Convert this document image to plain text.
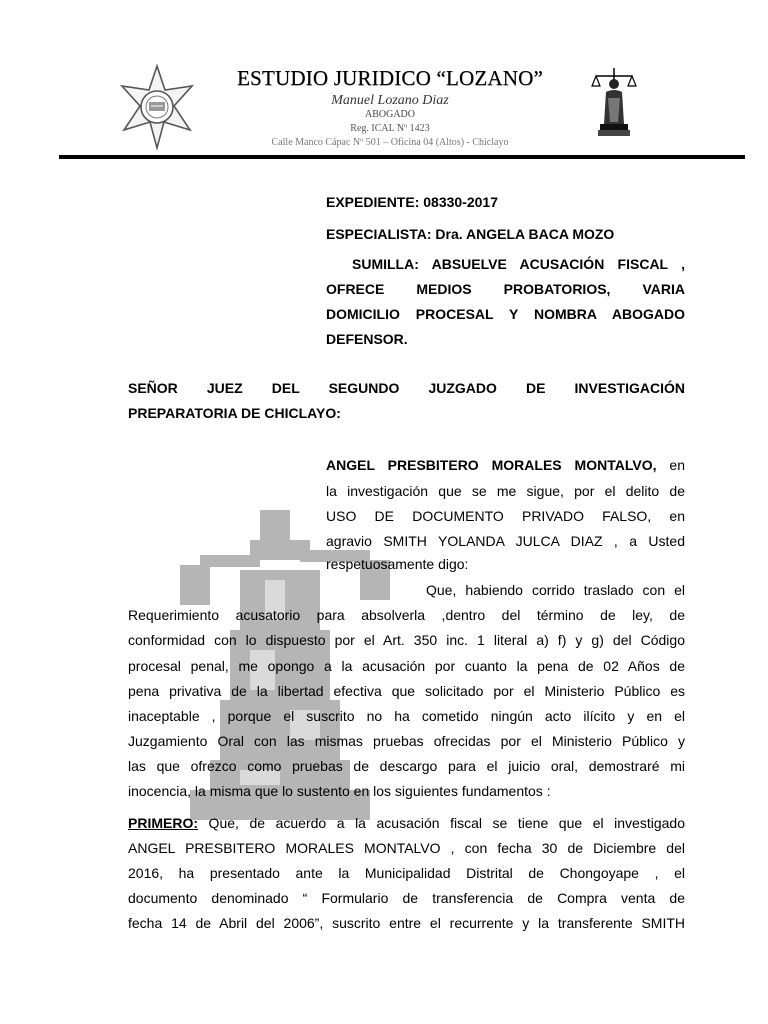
ESTUDIO JURIDICO “LOZANO”
Manuel Lozano Diaz
ABOGADO
Reg. ICAL Nº 1423
Calle Manco Cápac Nº 501 – Oficina 04 (Altos) - Chiclayo
EXPEDIENTE: 08330-2017
ESPECIALISTA: Dra. ANGELA BACA MOZO
SUMILLA: ABSUELVE ACUSACIÓN FISCAL ,
OFRECE MEDIOS PROBATORIOS, VARIA
DOMICILIO PROCESAL Y NOMBRA ABOGADO
DEFENSOR.
SEÑOR JUEZ DEL SEGUNDO JUZGADO DE INVESTIGACIÓN
PREPARATORIA DE CHICLAYO:
ANGEL PRESBITERO MORALES MONTALVO, en
la investigación que se me sigue, por el delito de
USO DE DOCUMENTO PRIVADO FALSO, en
agravio SMITH YOLANDA JULCA DIAZ , a Usted
respetuosamente digo:
Que, habiendo corrido traslado con el
Requerimiento acusatorio para absolverla ,dentro del término de ley, de
conformidad con lo dispuesto por el Art. 350 inc. 1 literal a) f) y g) del Código
procesal penal, me opongo a la acusación por cuanto la pena de 02 Años de
pena privativa de la libertad efectiva que solicitado por el Ministerio Público es
inaceptable , porque el suscrito no ha cometido ningún acto ilícito y en el
Juzgamiento Oral con las mismas pruebas ofrecidas por el Ministerio Público y
las que ofrezco como pruebas de descargo para el juicio oral, demostraré mi
inocencia, la misma que lo sustento en los siguientes fundamentos :
PRIMERO: Que, de acuerdo a la acusación fiscal se tiene que el investigado
ANGEL PRESBITERO MORALES MONTALVO , con fecha 30 de Diciembre del
2016, ha presentado ante la Municipalidad Distrital de Chongoyape , el
documento denominado “ Formulario de transferencia de Compra venta de
fecha 14 de Abril del 2006”, suscrito entre el recurrente y la transferente SMITH
